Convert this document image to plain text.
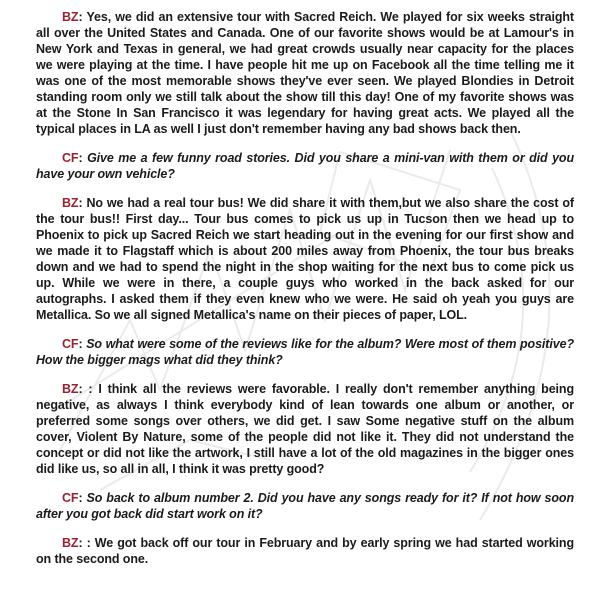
BZ: Yes, we did an extensive tour with Sacred Reich. We played for six weeks straight all over the United States and Canada. One of our favorite shows would be at Lamour's in New York and Texas in general, we had great crowds usually near capacity for the places we were playing at the time. I have people hit me up on Facebook all the time telling me it was one of the most memorable shows they've ever seen. We played Blondies in Detroit standing room only we still talk about the show till this day! One of my favorite shows was at the Stone In San Francisco it was legendary for having great acts. We played all the typical places in LA as well I just don't remember having any bad shows back then.

CF: Give me a few funny road stories. Did you share a mini-van with them or did you have your own vehicle?

BZ: No we had a real tour bus! We did share it with them,but we also share the cost of the tour bus!! First day... Tour bus comes to pick us up in Tucson then we head up to Phoenix to pick up Sacred Reich we start heading out in the evening for our first show and we made it to Flagstaff which is about 200 miles away from Phoenix, the tour bus breaks down and we had to spend the night in the shop waiting for the next bus to come pick us up. While we were in there, a couple guys who worked in the back asked for our autographs. I asked them if they even knew who we were. He said oh yeah you guys are Metallica. So we all signed Metallica's name on their pieces of paper, LOL.

CF: So what were some of the reviews like for the album? Were most of them positive? How the bigger mags what did they think?

BZ: : I think all the reviews were favorable. I really don't remember anything being negative, as always I think everybody kind of lean towards one album or another, or preferred some songs over others, we did get. I saw Some negative stuff on the album cover, Violent By Nature, some of the people did not like it. They did not understand the concept or did not like the artwork, I still have a lot of the old magazines in the bigger ones did like us, so all in all, I think it was pretty good?

CF: So back to album number 2. Did you have any songs ready for it? If not how soon after you got back did start work on it?

BZ: : We got back off our tour in February and by early spring we had started working on the second one.
